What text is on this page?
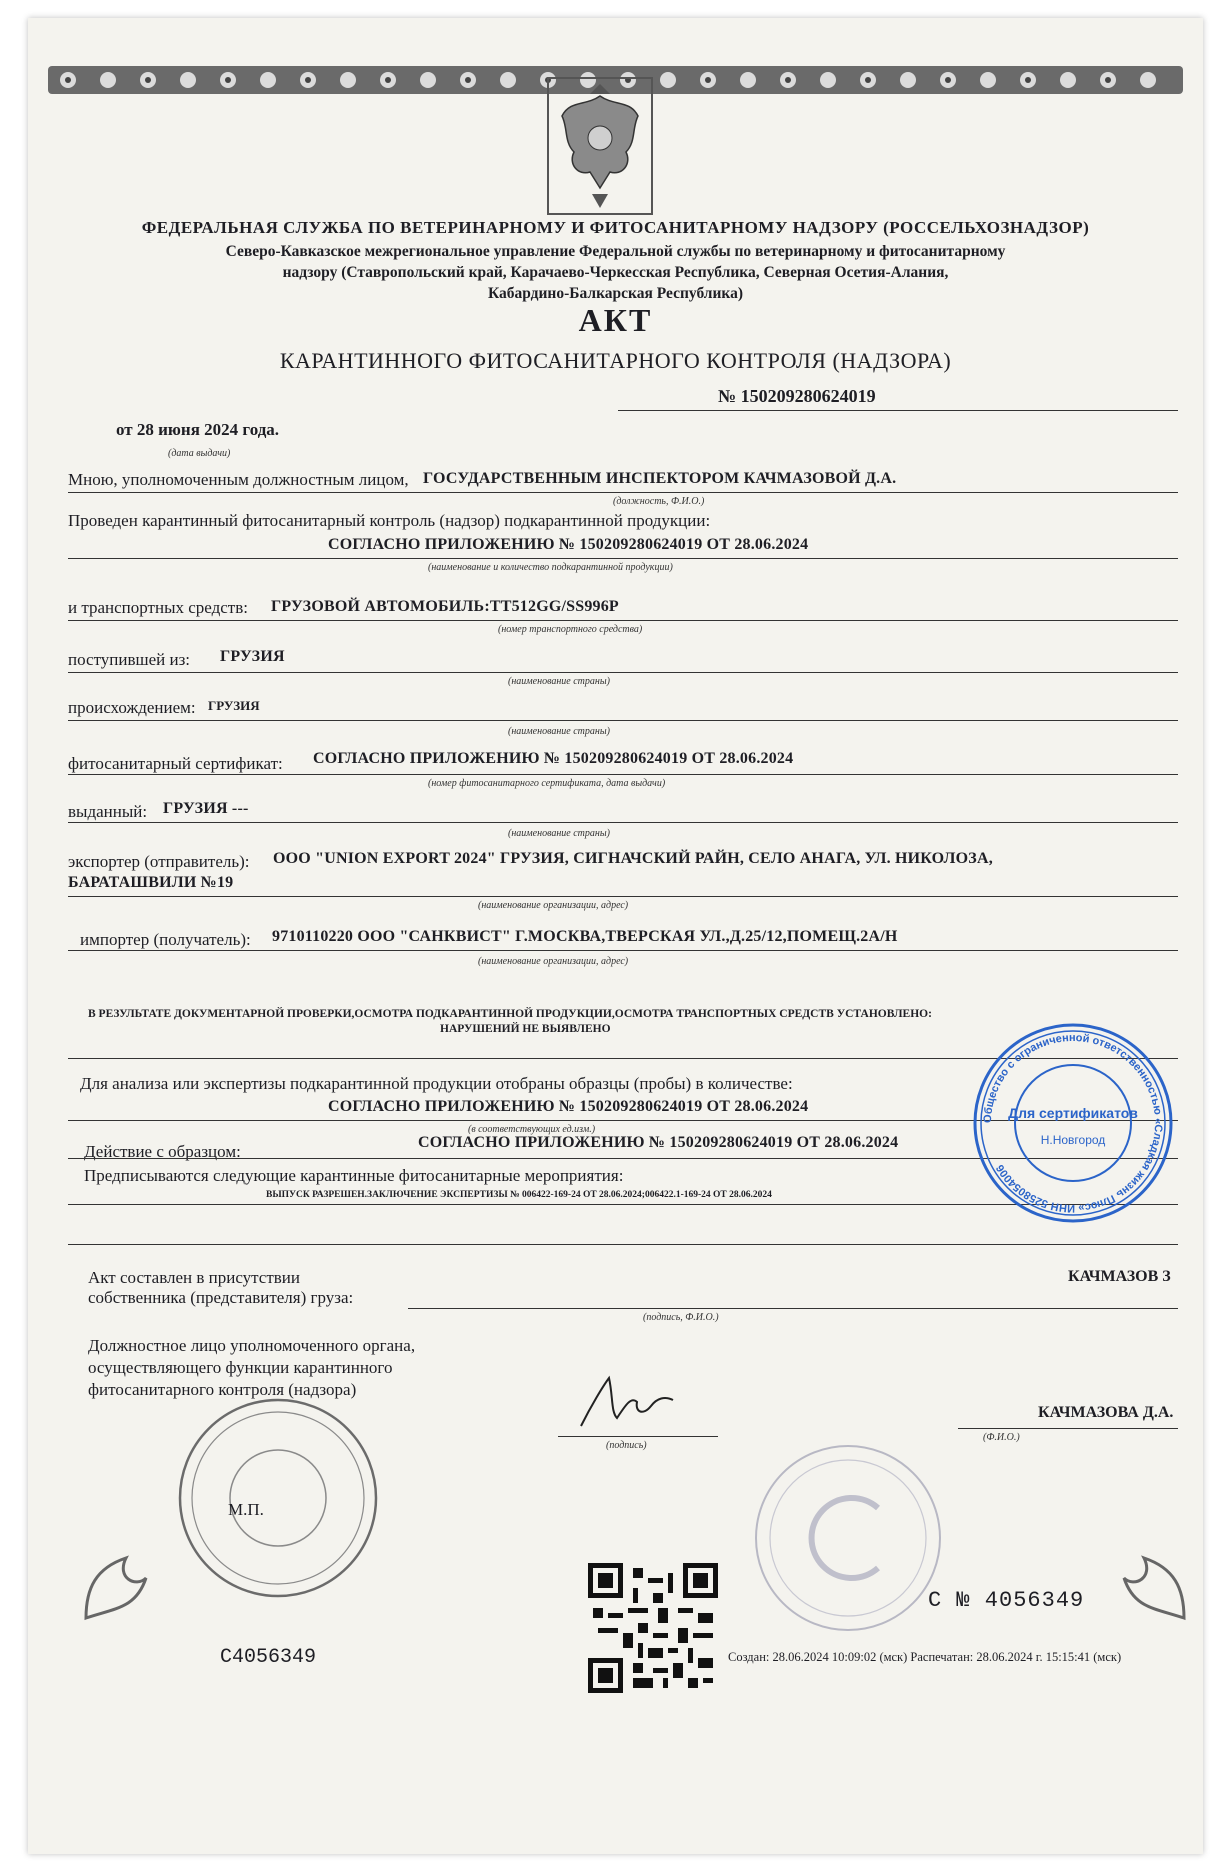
ФЕДЕРАЛЬНАЯ СЛУЖБА ПО ВЕТЕРИНАРНОМУ И ФИТОСАНИТАРНОМУ НАДЗОРУ (РОССЕЛЬХОЗНАДЗОР)
Северо-Кавказское межрегиональное управление Федеральной службы по ветеринарному и фитосанитарному
надзору (Ставропольский край, Карачаево-Черкесская Республика, Северная Осетия-Алания,
Кабардино-Балкарская Республика)
АКТ
КАРАНТИННОГО ФИТОСАНИТАРНОГО КОНТРОЛЯ (НАДЗОРА)
от 28 июня 2024 года.
(дата выдачи)
№ 150209280624019
Мною, уполномоченным должностным лицом, ГОСУДАРСТВЕННЫМ ИНСПЕКТОРОМ КАЧМАЗОВОЙ Д.А.
(должность, Ф.И.О.)
Проведен карантинный фитосанитарный контроль (надзор) подкарантинной продукции:
СОГЛАСНО ПРИЛОЖЕНИЮ № 150209280624019 ОТ 28.06.2024
(наименование и количество подкарантинной продукции)
и транспортных средств: ГРУЗОВОЙ АВТОМОБИЛЬ:TT512GG/SS996P
(номер транспортного средства)
поступившей из: ГРУЗИЯ
(наименование страны)
происхождением: ГРУЗИЯ
(наименование страны)
фитосанитарный сертификат: СОГЛАСНО ПРИЛОЖЕНИЮ № 150209280624019 ОТ 28.06.2024
(номер фитосанитарного сертификата, дата выдачи)
выданный: ГРУЗИЯ ---
(наименование страны)
экспортер (отправитель): ООО "UNION EXPORT 2024" ГРУЗИЯ, СИГНАЧСКИЙ РАЙН, СЕЛО АНАГА, УЛ. НИКОЛОЗА,
БАРАТАШВИЛИ №19
(наименование организации, адрес)
импортер (получатель): 9710110220 ООО "САНКВИСТ" Г.МОСКВА,ТВЕРСКАЯ УЛ.,Д.25/12,ПОМЕЩ.2А/Н
(наименование организации, адрес)
В РЕЗУЛЬТАТЕ ДОКУМЕНТАРНОЙ ПРОВЕРКИ,ОСМОТРА ПОДКАРАНТИННОЙ ПРОДУКЦИИ,ОСМОТРА ТРАНСПОРТНЫХ СРЕДСТВ УСТАНОВЛЕНО:
НАРУШЕНИЙ НЕ ВЫЯВЛЕНО
Для анализа или экспертизы подкарантинной продукции отобраны образцы (пробы) в количестве:
СОГЛАСНО ПРИЛОЖЕНИЮ № 150209280624019 ОТ 28.06.2024
(в соответствующих ед.изм.)
Действие с образцом:	СОГЛАСНО ПРИЛОЖЕНИЮ № 150209280624019 ОТ 28.06.2024
Предписываются следующие карантинные фитосанитарные мероприятия:
ВЫПУСК РАЗРЕШЕН.ЗАКЛЮЧЕНИЕ ЭКСПЕРТИЗЫ № 006422-169-24 ОТ 28.06.2024;006422.1-169-24 ОТ 28.06.2024
Общество с ограниченной ответственностью «Сладкая жизнь Плюс» ИНН 5258054006
Для сертификатов
Н.Новгород
Акт составлен в присутствии
собственника (представителя) груза:
(подпись, Ф.И.О.)
КАЧМАЗОВ З
Должностное лицо уполномоченного органа,
осуществляющего функции карантинного
фитосанитарного контроля (надзора)
(подпись)
КАЧМАЗОВА Д.А.
(Ф.И.О.)
М.П.
C № 4056349
C4056349	Создан: 28.06.2024 10:09:02 (мск) Распечатан: 28.06.2024 г. 15:15:41 (мск)
